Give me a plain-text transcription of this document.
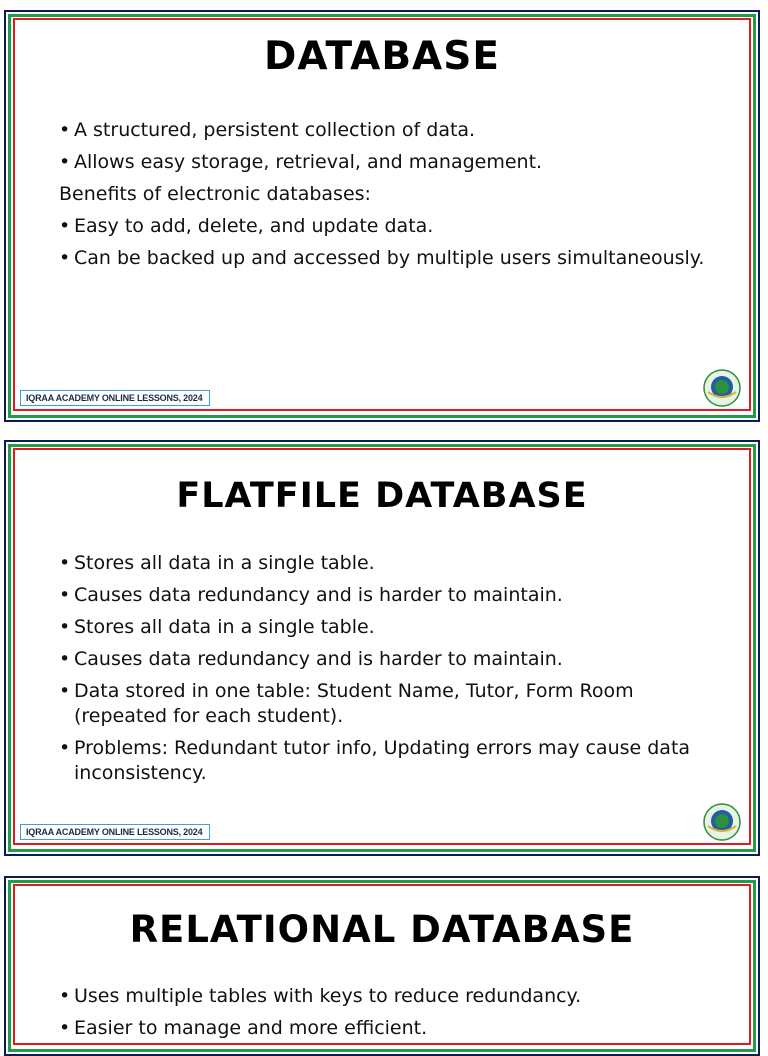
DATABASE
• A structured, persistent collection of data.
• Allows easy storage, retrieval, and management.
Benefits of electronic databases:
• Easy to add, delete, and update data.
• Can be backed up and accessed by multiple users simultaneously.
IQRAA ACADEMY ONLINE LESSONS, 2024
FLATFILE DATABASE
• Stores all data in a single table.
• Causes data redundancy and is harder to maintain.
• Stores all data in a single table.
• Causes data redundancy and is harder to maintain.
• Data stored in one table: Student Name, Tutor, Form Room (repeated for each student).
• Problems: Redundant tutor info, Updating errors may cause data inconsistency.
IQRAA ACADEMY ONLINE LESSONS, 2024
RELATIONAL DATABASE
• Uses multiple tables with keys to reduce redundancy.
• Easier to manage and more efficient.
